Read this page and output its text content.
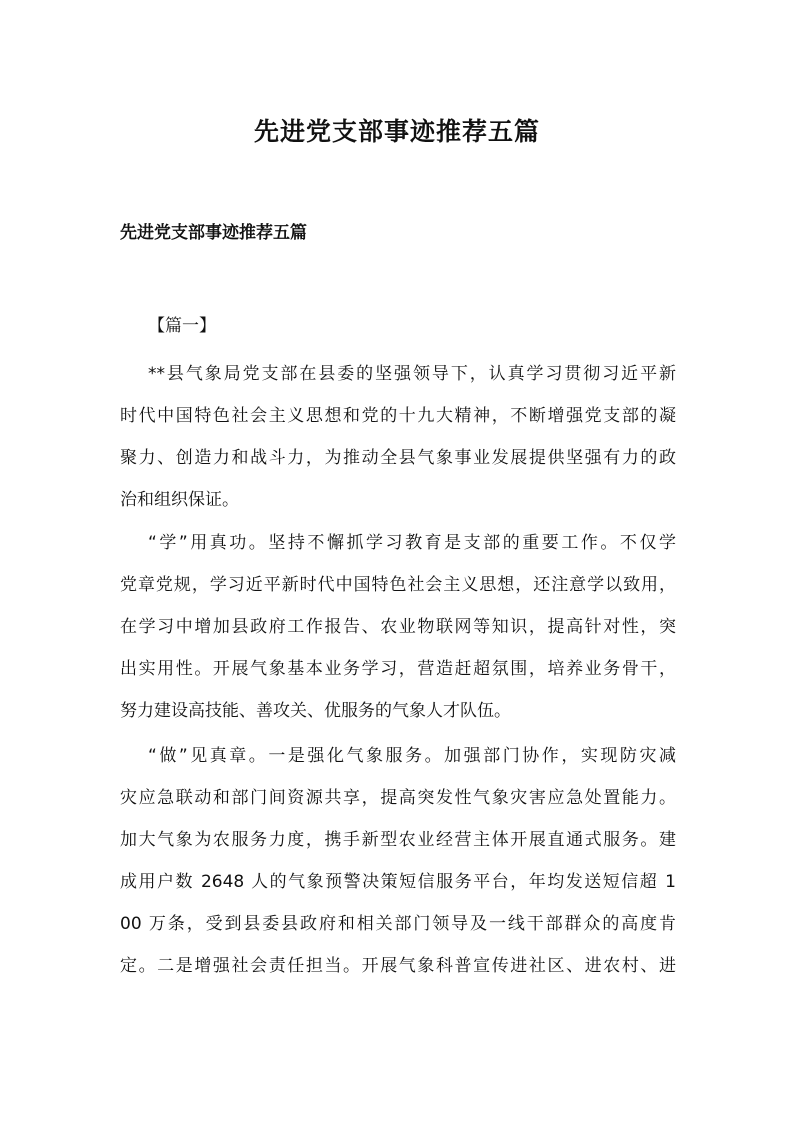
先进党支部事迹推荐五篇
先进党支部事迹推荐五篇
【篇一】

**县气象局党支部在县委的坚强领导下，认真学习贯彻习近平新
时代中国特色社会主义思想和党的十九大精神，不断增强党支部的凝
聚力、创造力和战斗力，为推动全县气象事业发展提供坚强有力的政
治和组织保证。

“学”用真功。坚持不懈抓学习教育是支部的重要工作。不仅学
党章党规，学习近平新时代中国特色社会主义思想，还注意学以致用，
在学习中增加县政府工作报告、农业物联网等知识，提高针对性，突
出实用性。开展气象基本业务学习，营造赶超氛围，培养业务骨干，
努力建设高技能、善攻关、优服务的气象人才队伍。

“做”见真章。一是强化气象服务。加强部门协作，实现防灾减
灾应急联动和部门间资源共享，提高突发性气象灾害应急处置能力。
加大气象为农服务力度，携手新型农业经营主体开展直通式服务。建
成用户数 2648 人的气象预警决策短信服务平台，年均发送短信超 1
00 万条，受到县委县政府和相关部门领导及一线干部群众的高度肯
定。二是增强社会责任担当。开展气象科普宣传进社区、进农村、进
